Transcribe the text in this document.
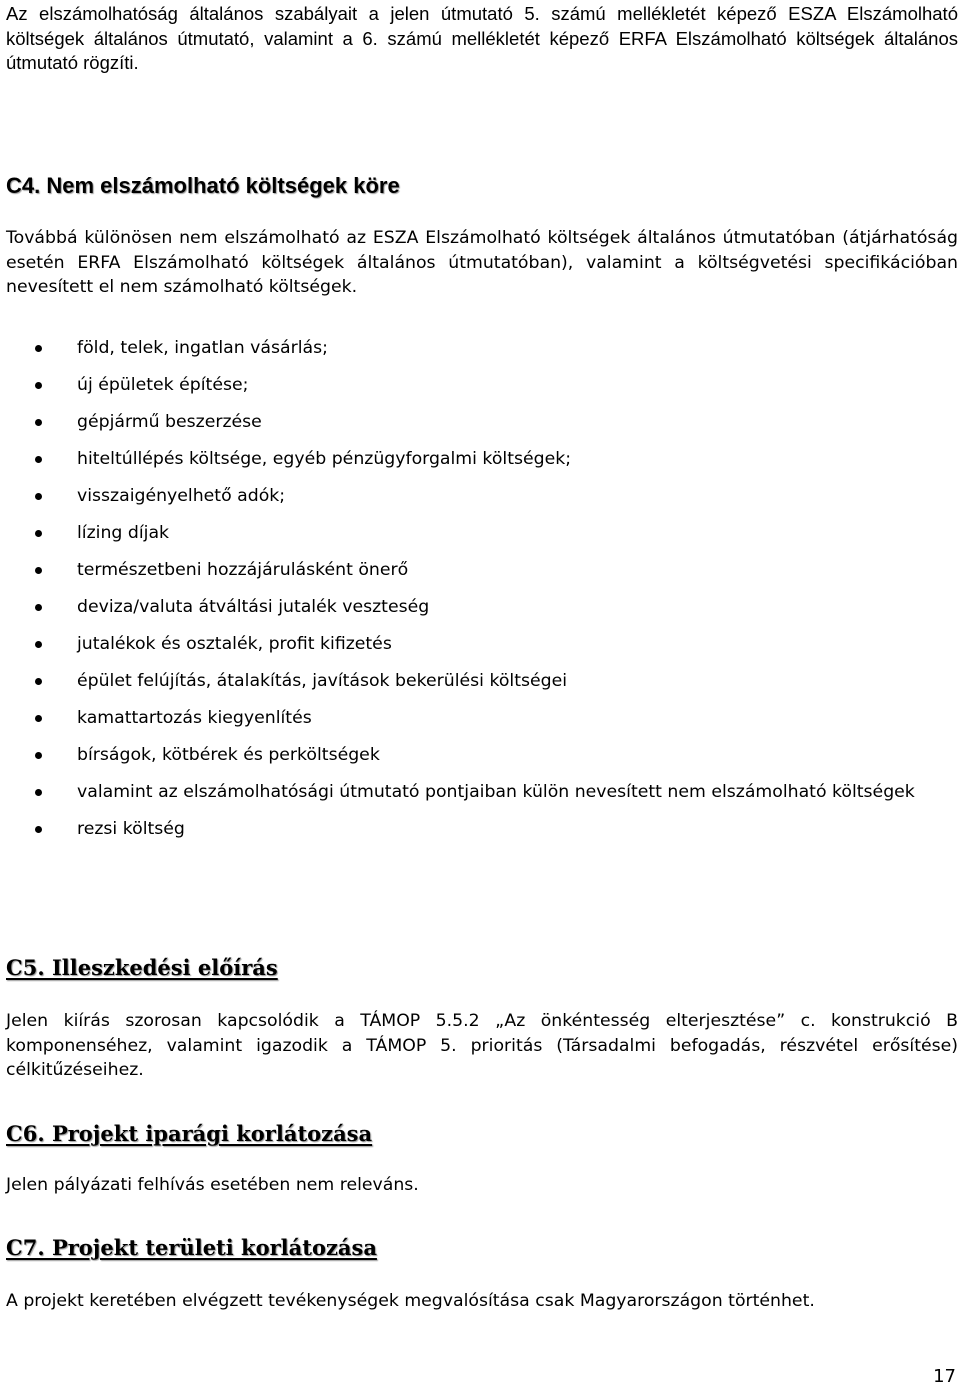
Az elszámolhatóság általános szabályait a jelen útmutató 5. számú mellékletét képező ESZA Elszámolható költségek általános útmutató, valamint a 6. számú mellékletét képező ERFA Elszámolható költségek általános útmutató rögzíti.

C4. Nem elszámolható költségek köre

Továbbá különösen nem elszámolható az ESZA Elszámolható költségek általános útmutatóban (átjárhatóság esetén ERFA Elszámolható költségek általános útmutatóban), valamint a költségvetési specifikációban nevesített el nem számolható költségek.

föld, telek, ingatlan vásárlás;
új épületek építése;
gépjármű beszerzése
hiteltúllépés költsége, egyéb pénzügyforgalmi költségek;
visszaigényelhető adók;
lízing díjak
természetbeni hozzájárulásként önerő
deviza/valuta átváltási jutalék veszteség
jutalékok és osztalék, profit kifizetés
épület felújítás, átalakítás, javítások bekerülési költségei
kamattartozás kiegyenlítés
bírságok, kötbérek és perköltségek
valamint az elszámolhatósági útmutató pontjaiban külön nevesített nem elszámolható költségek
rezsi költség
C5. Illeszkedési előírás

Jelen kiírás szorosan kapcsolódik a TÁMOP 5.5.2 „Az önkéntesség elterjesztése” c. konstrukció B komponenséhez, valamint igazodik a TÁMOP 5. prioritás (Társadalmi befogadás, részvétel erősítése) célkitűzéseihez.

C6. Projekt iparági korlátozása

Jelen pályázati felhívás esetében nem releváns.

C7. Projekt területi korlátozása

A projekt keretében elvégzett tevékenységek megvalósítása csak Magyarországon történhet.

17
